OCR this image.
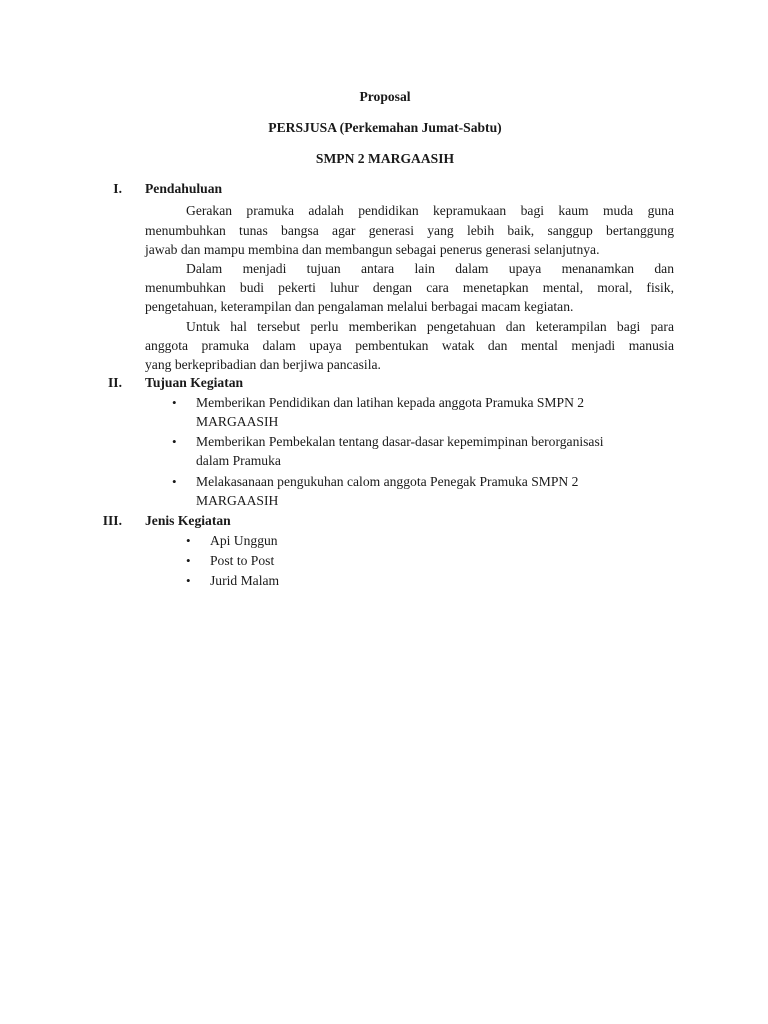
Proposal
PERSJUSA (Perkemahan Jumat-Sabtu)
SMPN 2 MARGAASIH
I. Pendahuluan
Gerakan pramuka adalah pendidikan kepramukaan bagi kaum muda guna
menumbuhkan tunas bangsa agar generasi yang lebih baik, sanggup bertanggung
jawab dan mampu membina dan membangun sebagai penerus generasi selanjutnya.
Dalam menjadi tujuan antara lain dalam upaya menanamkan dan
menumbuhkan budi pekerti luhur dengan cara menetapkan mental, moral, fisik,
pengetahuan, keterampilan dan pengalaman melalui berbagai macam kegiatan.
Untuk hal tersebut perlu memberikan pengetahuan dan keterampilan bagi para
anggota pramuka dalam upaya pembentukan watak dan mental menjadi manusia
yang berkepribadian dan berjiwa pancasila.
II. Tujuan Kegiatan
• Memberikan Pendidikan dan latihan kepada anggota Pramuka SMPN 2
MARGAASIH
• Memberikan Pembekalan tentang dasar-dasar kepemimpinan berorganisasi
dalam Pramuka
• Melakasanaan pengukuhan calom anggota Penegak Pramuka SMPN 2
MARGAASIH
III. Jenis Kegiatan
• Api Unggun
• Post to Post
• Jurid Malam
